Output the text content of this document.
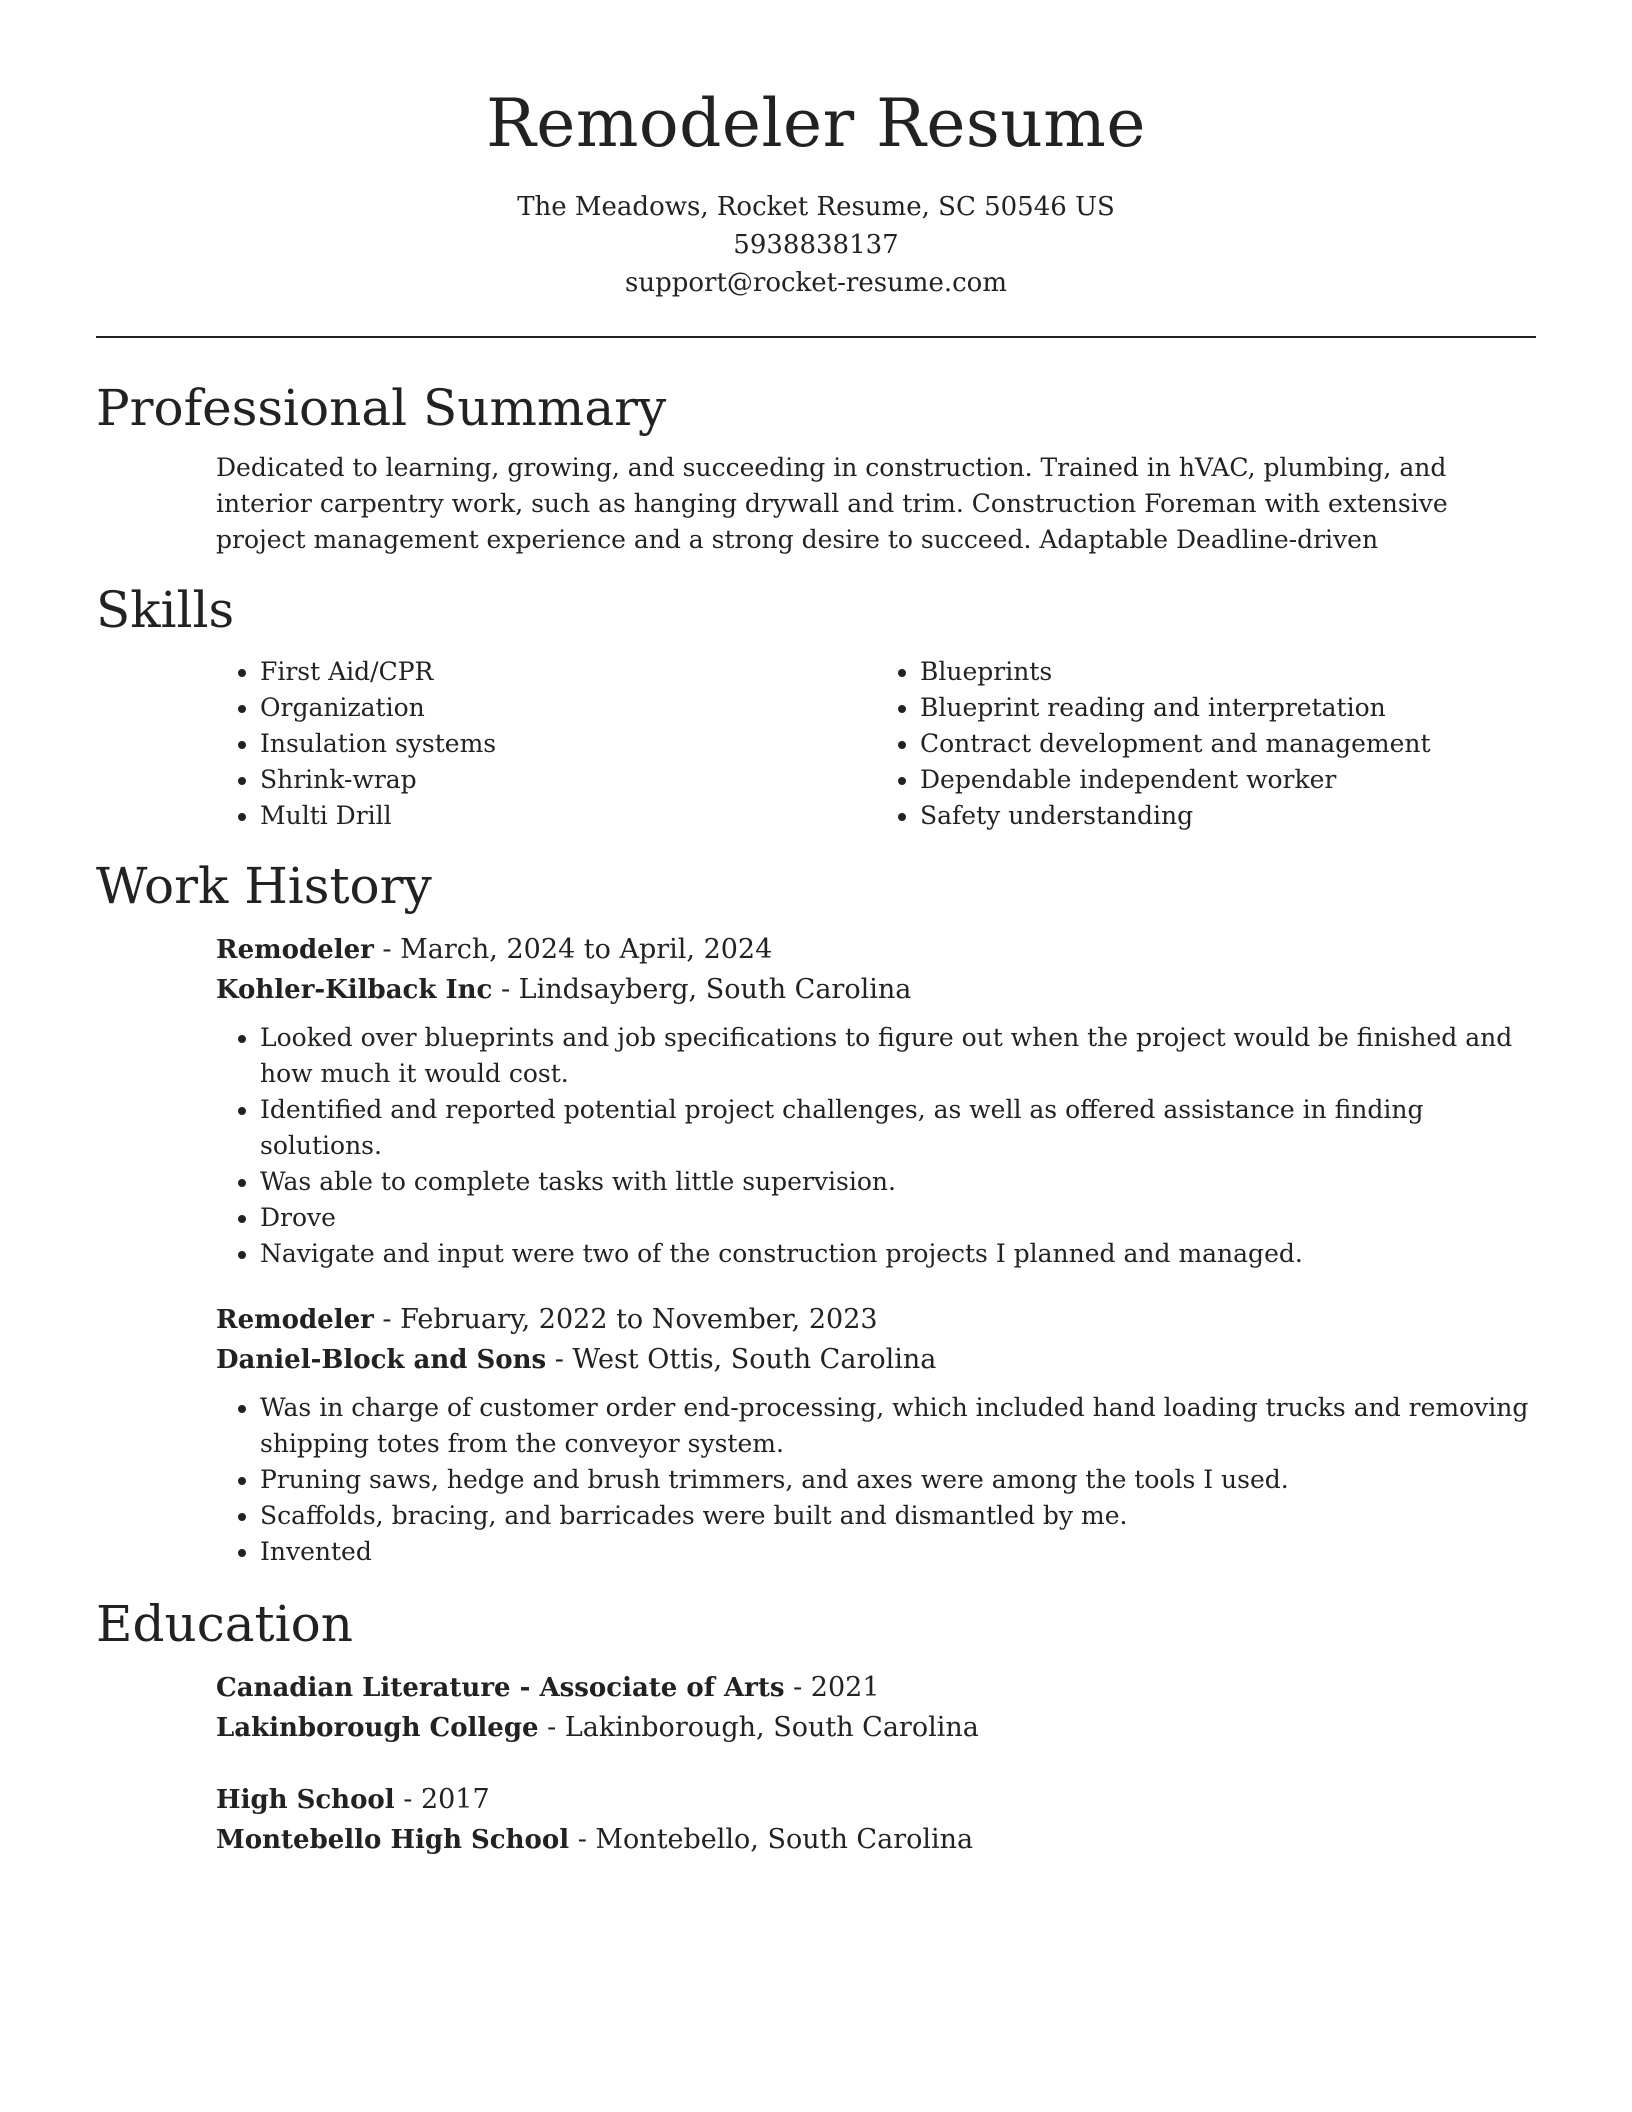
Remodeler Resume
The Meadows, Rocket Resume, SC 50546 US
5938838137
support@rocket-resume.com
Professional Summary
Dedicated to learning, growing, and succeeding in construction. Trained in hVAC, plumbing, and interior carpentry work, such as hanging drywall and trim. Construction Foreman with extensive project management experience and a strong desire to succeed. Adaptable Deadline-driven
Skills
• First Aid/CPR
• Organization
• Insulation systems
• Shrink-wrap
• Multi Drill
• Blueprints
• Blueprint reading and interpretation
• Contract development and management
• Dependable independent worker
• Safety understanding
Work History
Remodeler - March, 2024 to April, 2024
Kohler-Kilback Inc - Lindsayberg, South Carolina
• Looked over blueprints and job specifications to figure out when the project would be finished and how much it would cost.
• Identified and reported potential project challenges, as well as offered assistance in finding solutions.
• Was able to complete tasks with little supervision.
• Drove
• Navigate and input were two of the construction projects I planned and managed.
Remodeler - February, 2022 to November, 2023
Daniel-Block and Sons - West Ottis, South Carolina
• Was in charge of customer order end-processing, which included hand loading trucks and removing shipping totes from the conveyor system.
• Pruning saws, hedge and brush trimmers, and axes were among the tools I used.
• Scaffolds, bracing, and barricades were built and dismantled by me.
• Invented
Education
Canadian Literature - Associate of Arts - 2021
Lakinborough College - Lakinborough, South Carolina
High School - 2017
Montebello High School - Montebello, South Carolina
